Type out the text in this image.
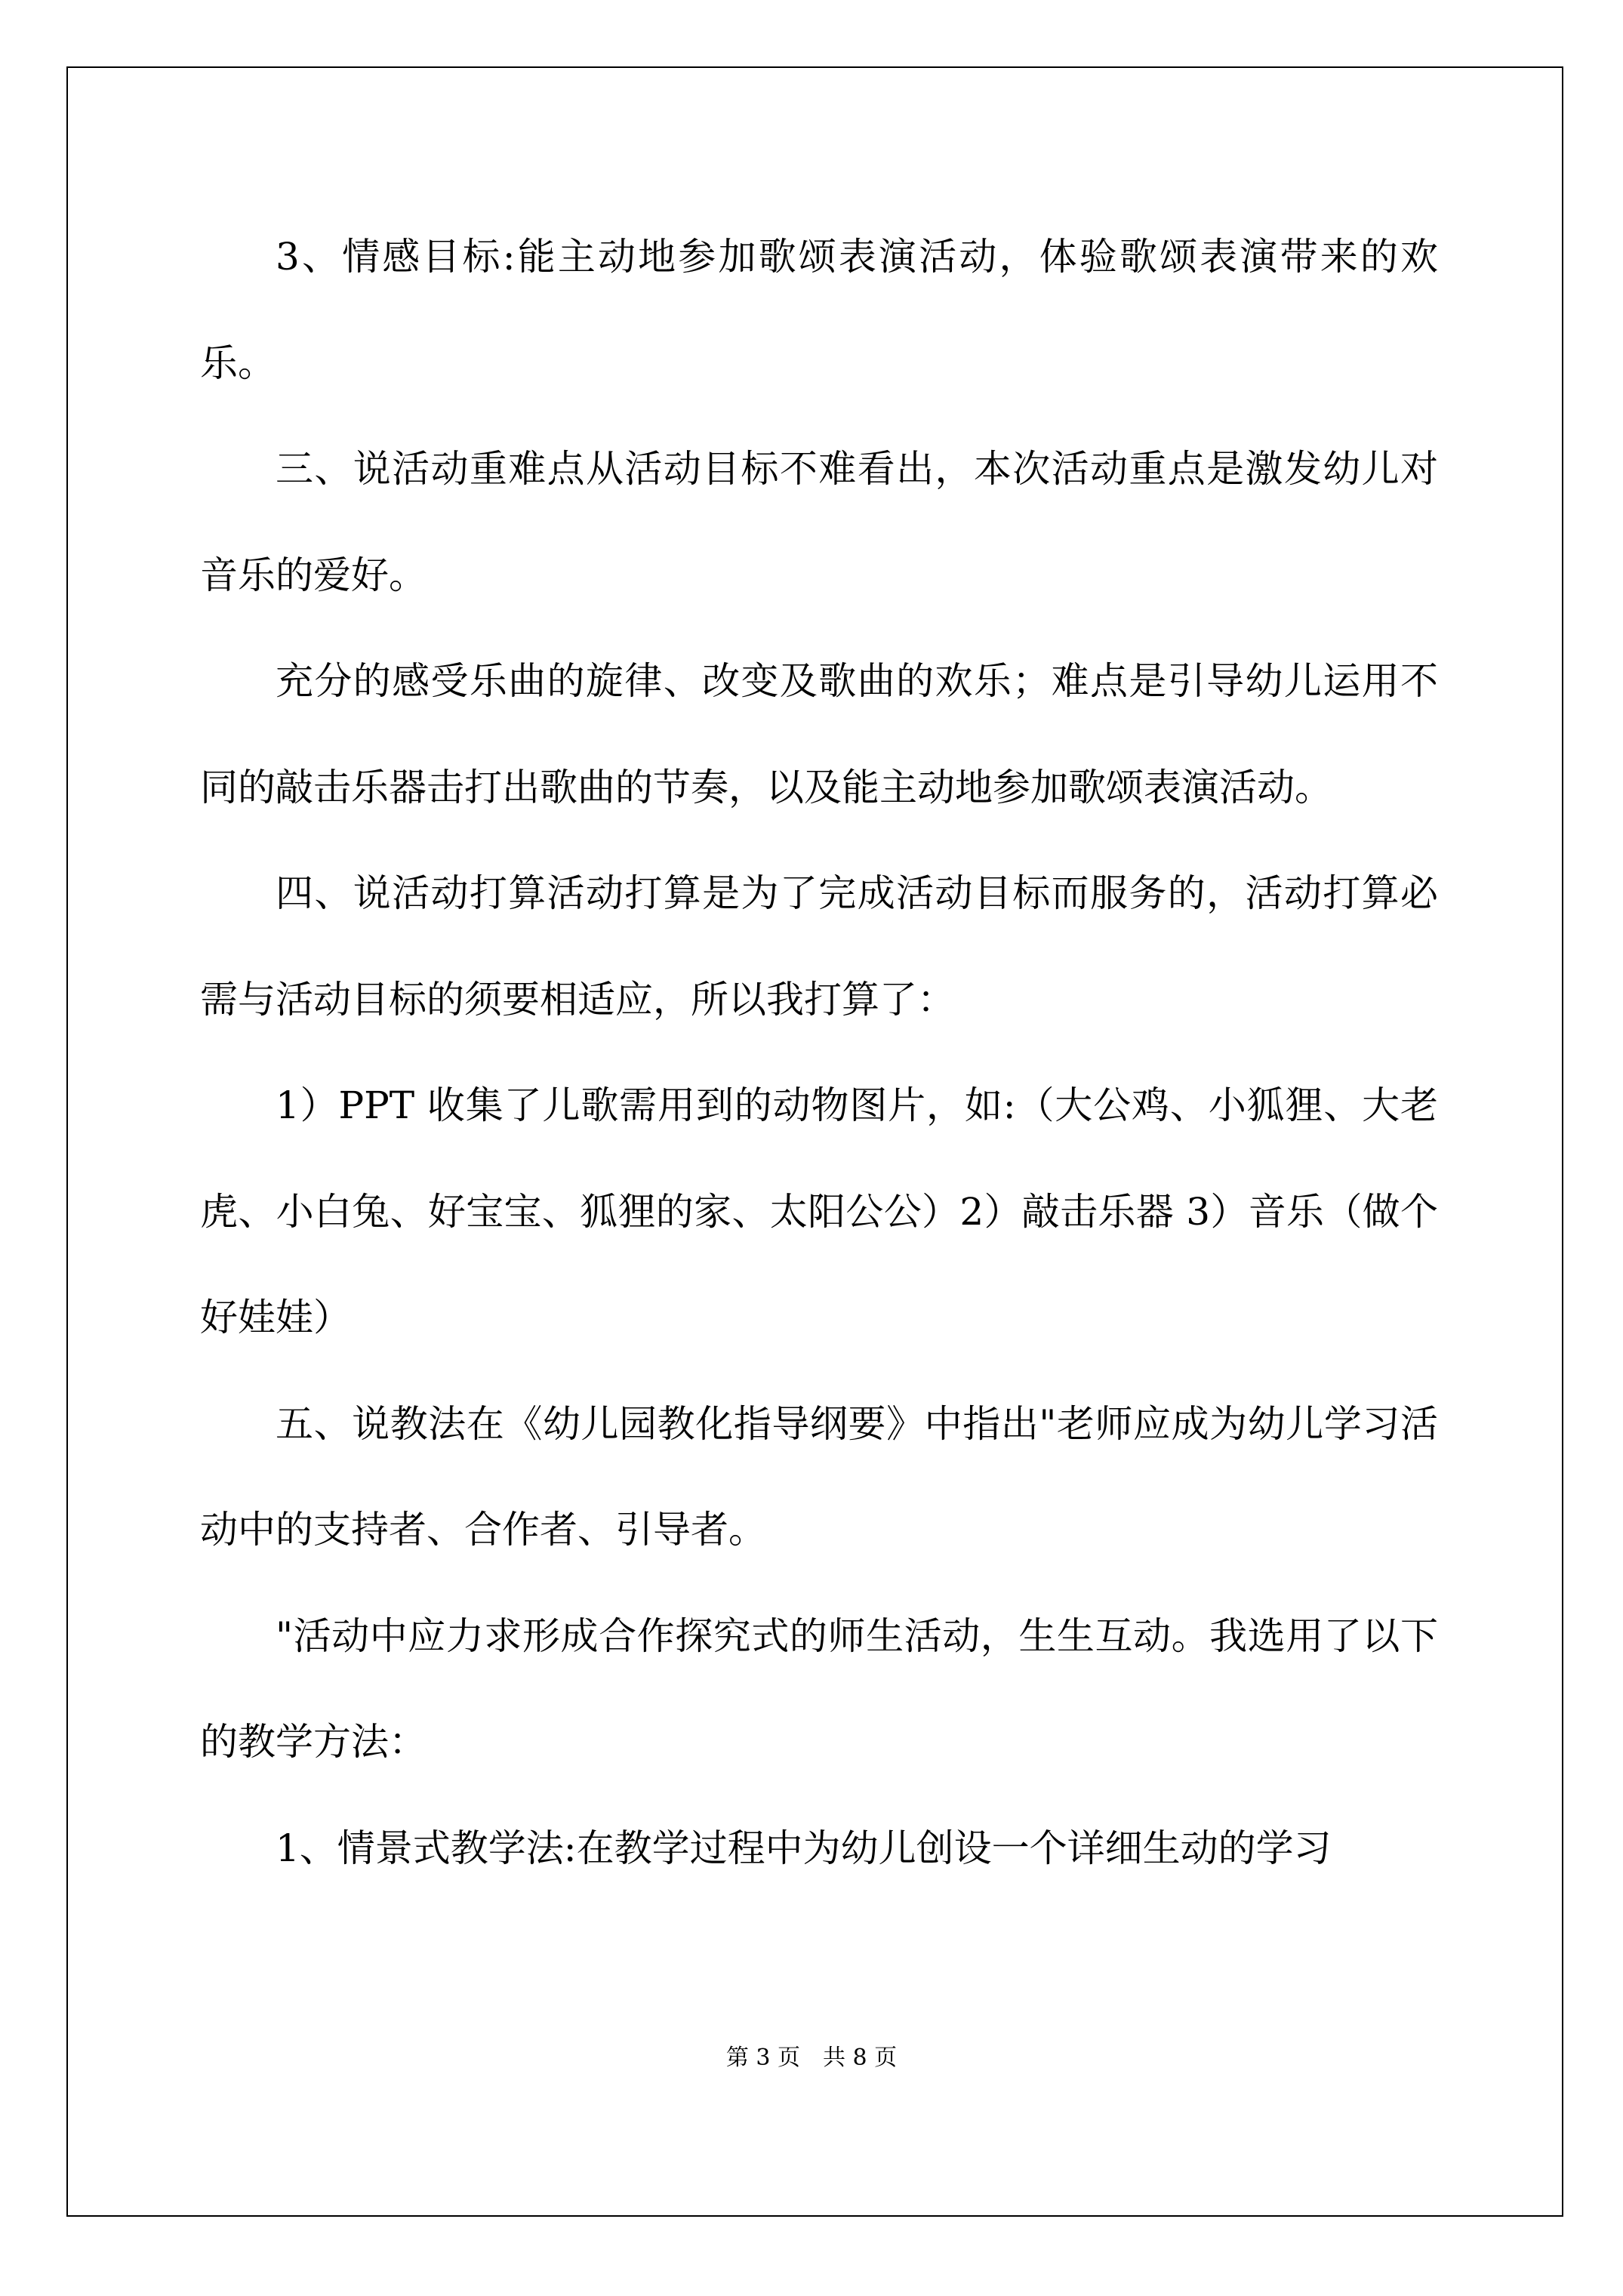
3、情感目标:能主动地参加歌颂表演活动，体验歌颂表演带来的欢乐。

三、说活动重难点从活动目标不难看出，本次活动重点是激发幼儿对音乐的爱好。

充分的感受乐曲的旋律、改变及歌曲的欢乐；难点是引导幼儿运用不同的敲击乐器击打出歌曲的节奏，以及能主动地参加歌颂表演活动。

四、说活动打算活动打算是为了完成活动目标而服务的，活动打算必需与活动目标的须要相适应，所以我打算了：

1）PPT 收集了儿歌需用到的动物图片，如:（大公鸡、小狐狸、大老虎、小白兔、好宝宝、狐狸的家、太阳公公）2）敲击乐器 3）音乐（做个好娃娃）

五、说教法在《幼儿园教化指导纲要》中指出"老师应成为幼儿学习活动中的支持者、合作者、引导者。

"活动中应力求形成合作探究式的师生活动，生生互动。我选用了以下的教学方法：

1、情景式教学法:在教学过程中为幼儿创设一个详细生动的学习

第 3 页　共 8 页
